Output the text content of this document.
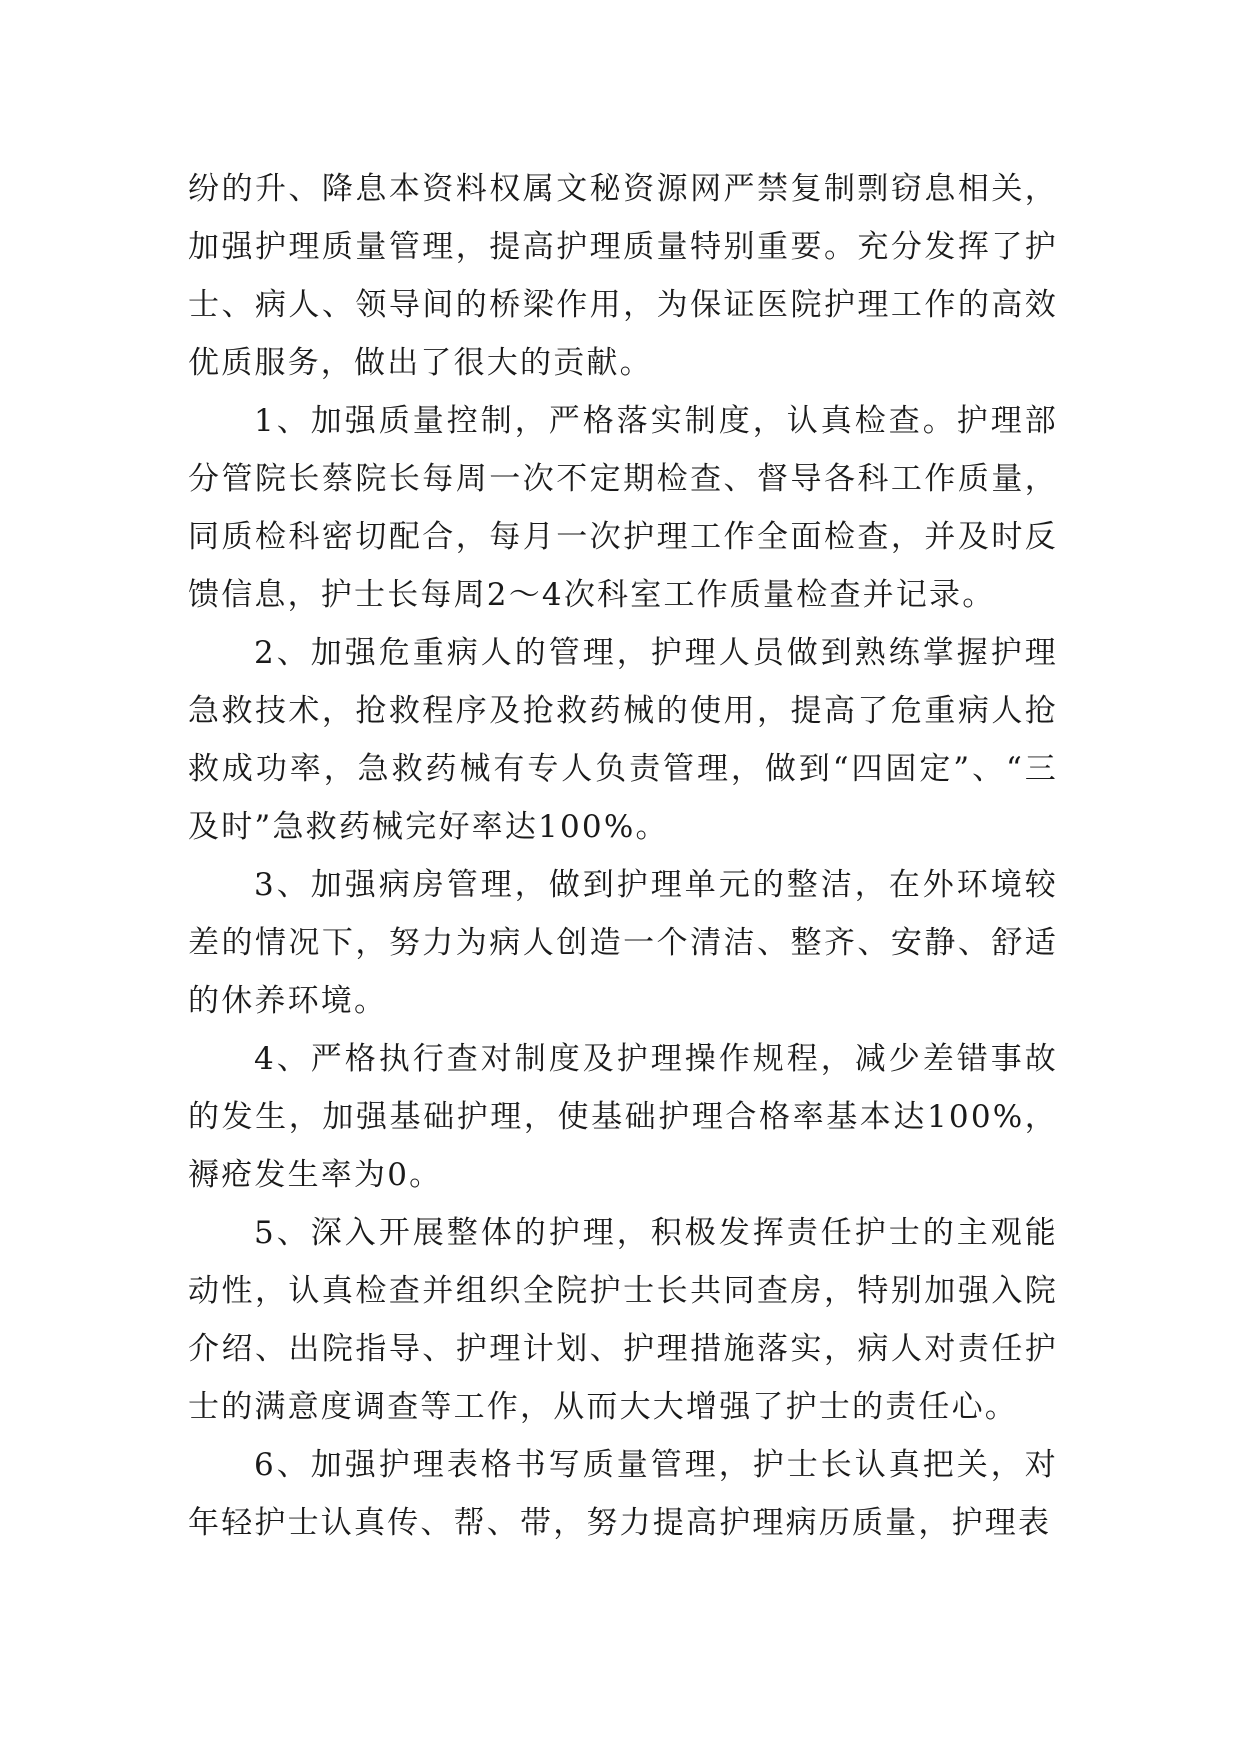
纷的升、降息本资料权属文秘资源网严禁复制剽窃息相关，加强护理质量管理，提高护理质量特别重要。充分发挥了护士、病人、领导间的桥梁作用，为保证医院护理工作的高效优质服务，做出了很大的贡献。

1、加强质量控制，严格落实制度，认真检查。护理部分管院长蔡院长每周一次不定期检查、督导各科工作质量，同质检科密切配合，每月一次护理工作全面检查，并及时反馈信息，护士长每周2～4次科室工作质量检查并记录。

2、加强危重病人的管理，护理人员做到熟练掌握护理急救技术，抢救程序及抢救药械的使用，提高了危重病人抢救成功率，急救药械有专人负责管理，做到“四固定”、“三及时”急救药械完好率达100%。

3、加强病房管理，做到护理单元的整洁，在外环境较差的情况下，努力为病人创造一个清洁、整齐、安静、舒适的休养环境。

4、严格执行查对制度及护理操作规程，减少差错事故的发生，加强基础护理，使基础护理合格率基本达100%，褥疮发生率为0。

5、深入开展整体的护理，积极发挥责任护士的主观能动性，认真检查并组织全院护士长共同查房，特别加强入院介绍、出院指导、护理计划、护理措施落实，病人对责任护士的满意度调查等工作，从而大大增强了护士的责任心。

6、加强护理表格书写质量管理，护士长认真把关，对年轻护士认真传、帮、带，努力提高护理病历质量，护理表
